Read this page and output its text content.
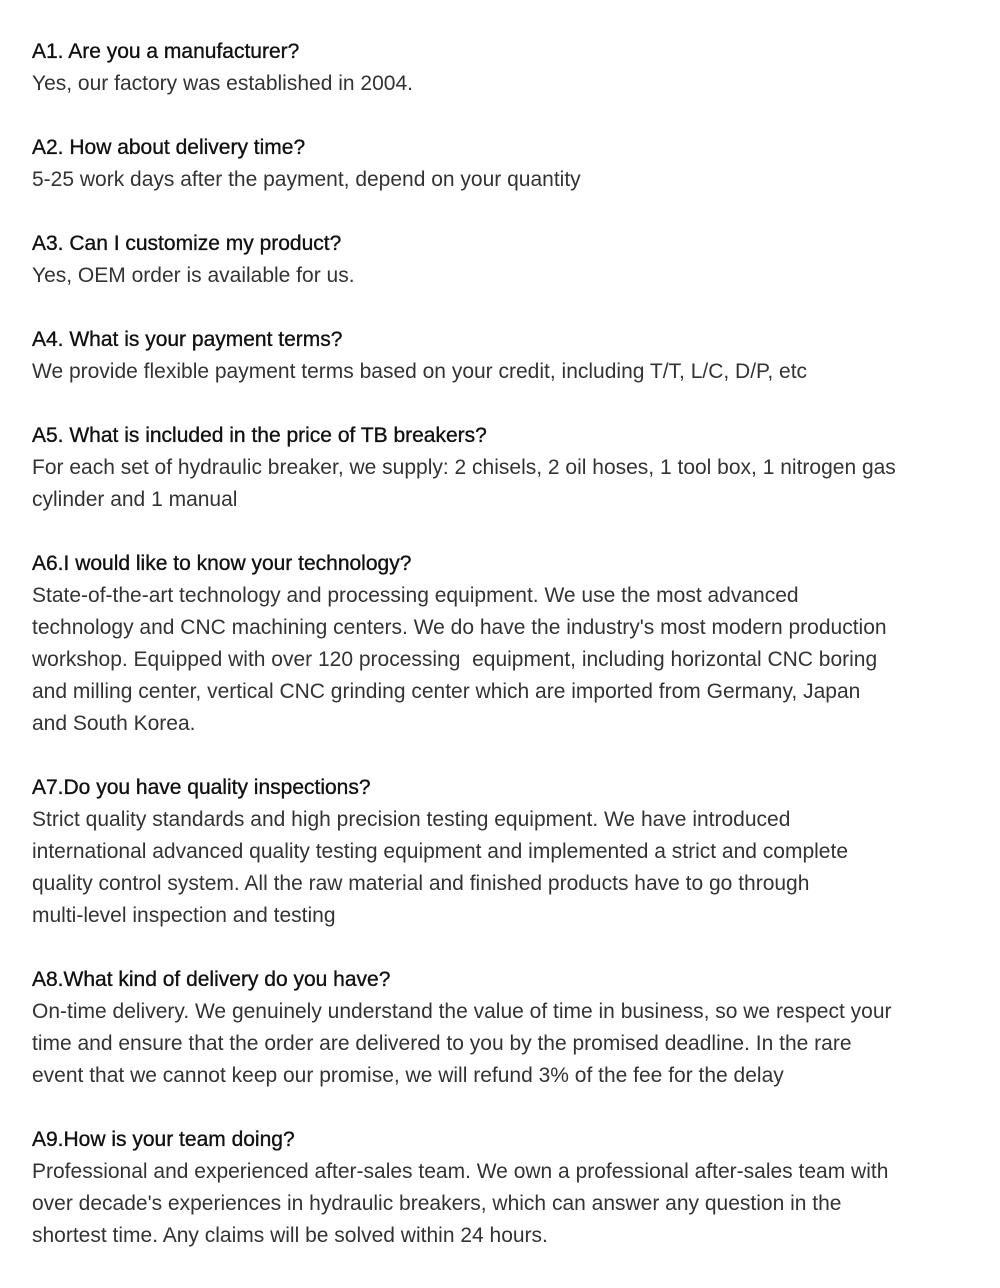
A1. Are you a manufacturer?

Yes, our factory was established in 2004.

A2. How about delivery time?

5-25 work days after the payment, depend on your quantity

A3. Can I customize my product?

Yes, OEM order is available for us.

A4. What is your payment terms?

We provide flexible payment terms based on your credit, including T/T, L/C, D/P, etc

A5. What is included in the price of TB breakers?

For each set of hydraulic breaker, we supply: 2 chisels, 2 oil hoses, 1 tool box, 1 nitrogen gas
cylinder and 1 manual

A6.I would like to know your technology?

State-of-the-art technology and processing equipment. We use the most advanced
technology and CNC machining centers. We do have the industry's most modern production
workshop. Equipped with over 120 processing  equipment, including horizontal CNC boring
and milling center, vertical CNC grinding center which are imported from Germany, Japan
and South Korea.

A7.Do you have quality inspections?

Strict quality standards and high precision testing equipment. We have introduced
international advanced quality testing equipment and implemented a strict and complete
quality control system. All the raw material and finished products have to go through
multi-level inspection and testing

A8.What kind of delivery do you have?

On-time delivery. We genuinely understand the value of time in business, so we respect your
time and ensure that the order are delivered to you by the promised deadline. In the rare
event that we cannot keep our promise, we will refund 3% of the fee for the delay

A9.How is your team doing?

Professional and experienced after-sales team. We own a professional after-sales team with
over decade's experiences in hydraulic breakers, which can answer any question in the
shortest time. Any claims will be solved within 24 hours.
